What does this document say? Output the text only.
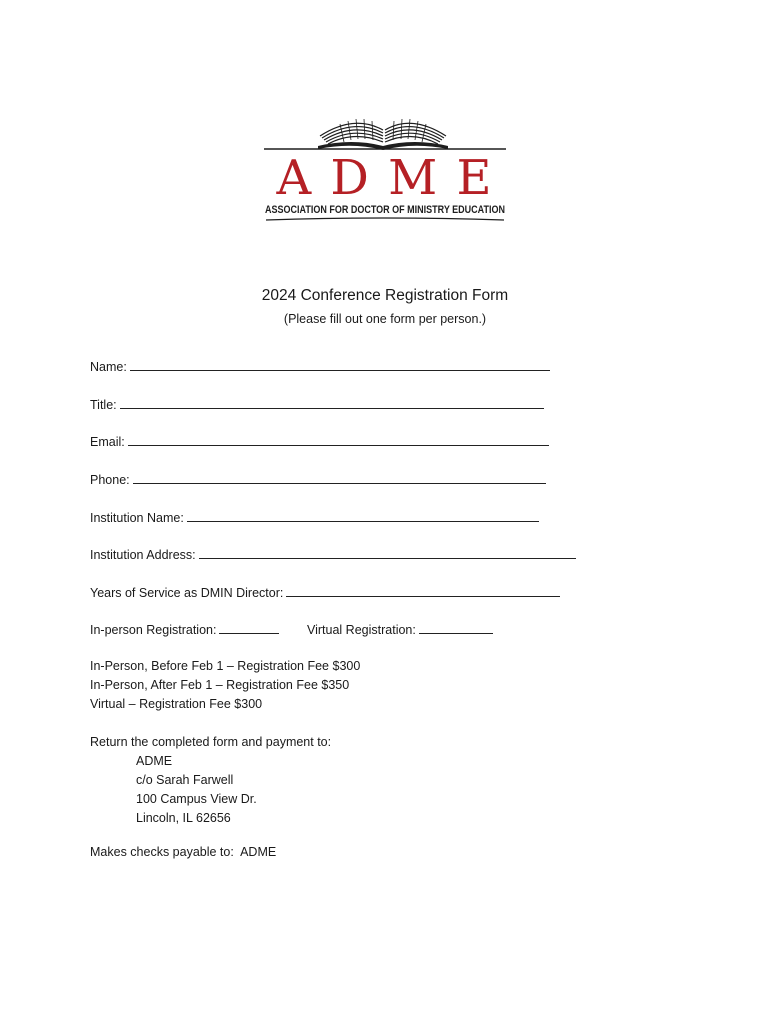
A D M E
ASSOCIATION FOR DOCTOR OF MINISTRY EDUCATION
2024 Conference Registration Form
(Please fill out one form per person.)
Name:
Title:
Email:
Phone:
Institution Name:
Institution Address:
Years of Service as DMIN Director:
In-person Registration:	Virtual Registration:
In-Person, Before Feb 1 – Registration Fee $300
In-Person, After Feb 1 – Registration Fee $350
Virtual – Registration Fee $300
Return the completed form and payment to:
ADME
c/o Sarah Farwell
100 Campus View Dr.
Lincoln, IL 62656
Makes checks payable to:  ADME
